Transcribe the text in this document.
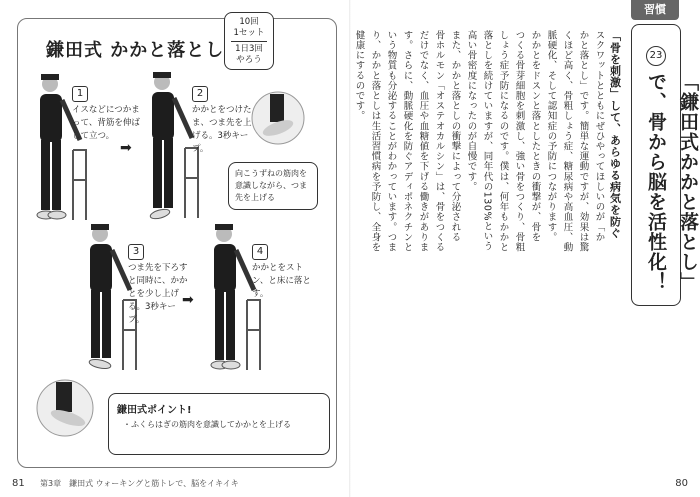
鎌田式 かかと落とし
10回
1セット
1日3回
やろう
1
イスなどにつかまって、背筋を伸ばして立つ。
➡
2
かかとをつけたま、つま先を上げる。3秒キープ。
向こうずねの筋肉を意識しながら、つま先を上げる
3
つま先を下ろすと同時に、かかとを少し上げる。3秒キープ。
➡
4
かかとをストン、と床に落とす。
鎌田式ポイント!
・ふくらはぎの筋肉を意識してかかとを上げる
81 第3章　鎌田式 ウォーキングと筋トレで、脳をイキイキ
習慣
23
「鎌田式かかと落とし」で、骨から脳を活性化！
「骨を刺激」して、あらゆる病気を防ぐ
スクワットとともにぜひやってほしいのが「か
かと落とし」です。簡単な運動ですが、効果は驚
くほど高く、骨粗しょう症、糖尿病や高血圧、動
脈硬化、そして認知症の予防につながります。
かかとをドスンと落としたときの衝撃が、骨を
つくる骨芽細胞を刺激し、強い骨をつくり、骨粗
しょう症予防になるのです。僕は、何年もかかと
落としを続けていますが、同年代の130%という
高い骨密度になったのが自慢です。
また、かかと落としの衝撃によって分泌される
骨ホルモン「オステオカルシン」は、骨をつくる
だけでなく、血圧や血糖値を下げる働きがありま
す。さらに、動脈硬化を防ぐアディポネクチンと
いう物質も分泌することがわかっています。つま
り、かかと落としは生活習慣病を予防し、全身を
健康にするのです。
80
